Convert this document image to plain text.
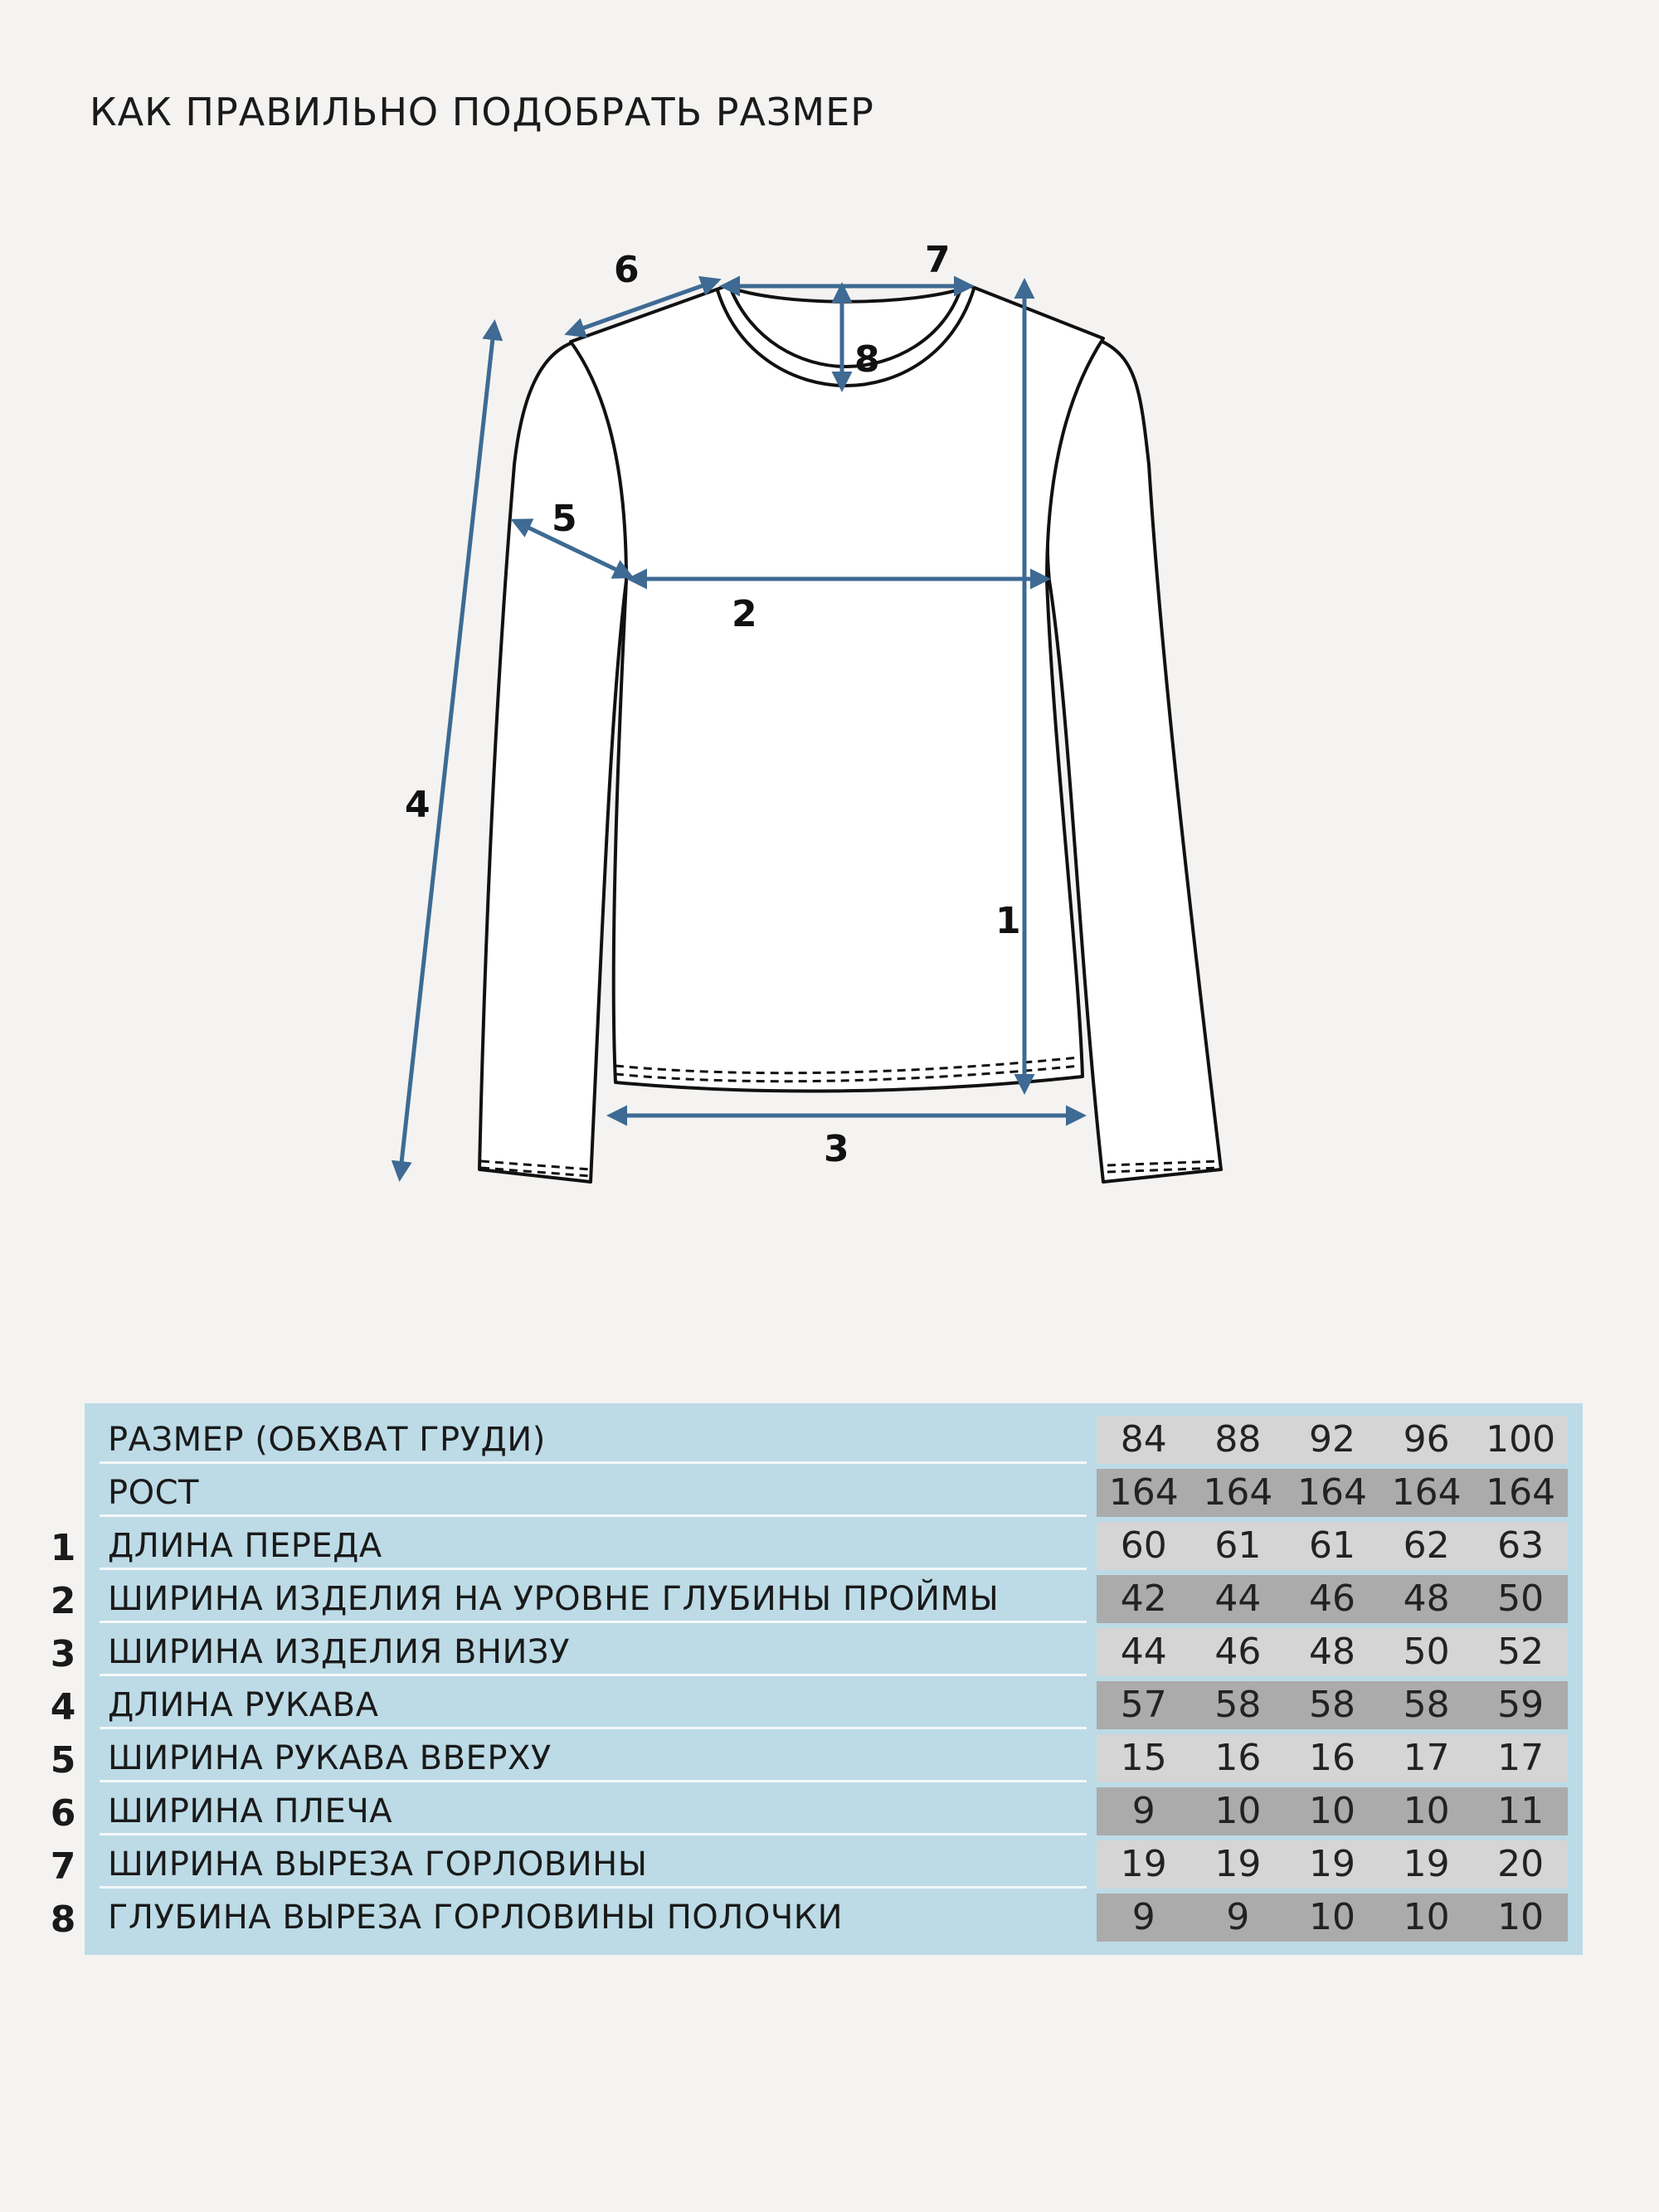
КАК ПРАВИЛЬНО ПОДОБРАТЬ РАЗМЕР
1
2
3
4
5
6	7
8
РАЗМЕР (ОБХВАТ ГРУДИ)	84	88	92	96 100
РОСТ	164 164 164 164 164
ДЛИНА ПЕРЕДА	60	61	61	62	63
ШИРИНА ИЗДЕЛИЯ НА УРОВНЕ ГЛУБИНЫ ПРОЙМЫ	42	44	46	48	50
ШИРИНА ИЗДЕЛИЯ ВНИЗУ	44	46	48	50	52
ДЛИНА РУКАВА	57	58	58	58	59
ШИРИНА РУКАВА ВВЕРХУ	15	16	16	17	17
ШИРИНА ПЛЕЧА	9	10	10	10	11
ШИРИНА ВЫРЕЗА ГОРЛОВИНЫ	19	19	19	19	20
ГЛУБИНА ВЫРЕЗА ГОРЛОВИНЫ ПОЛОЧКИ	9	9	10	10	10
1
2
3
4
5
6
7
8
